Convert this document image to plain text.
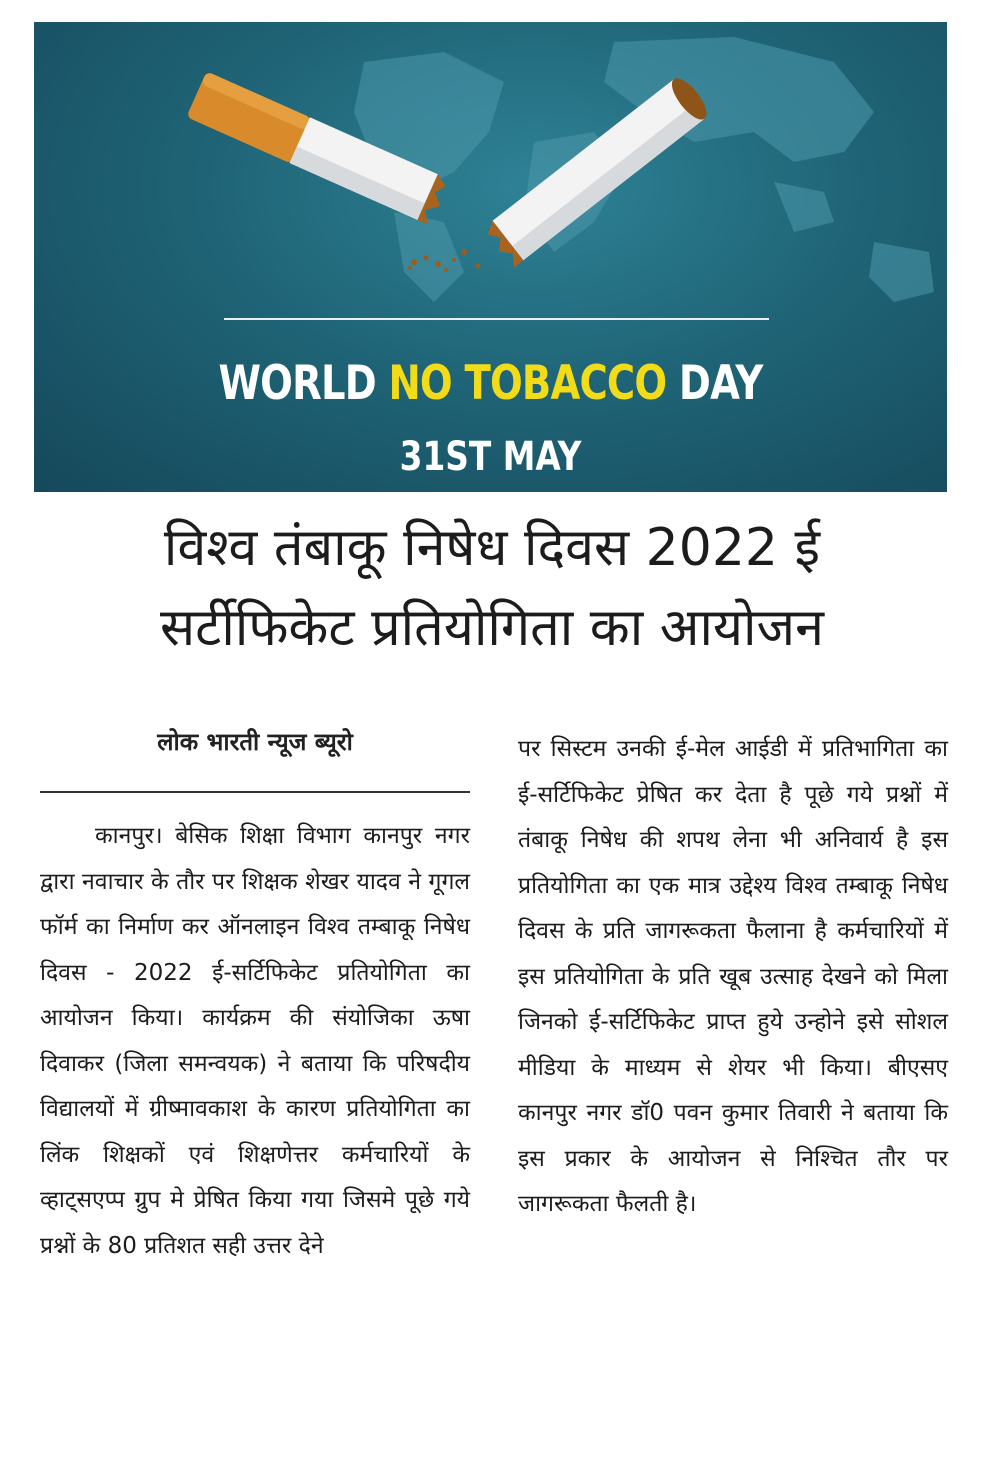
WORLD NO TOBACCO DAY
31ST MAY
विश्व तंबाकू निषेध दिवस 2022 ई
सर्टीफिकेट प्रतियोगिता का आयोजन
लोक भारती न्यूज ब्यूरो
कानपुर। बेसिक शिक्षा विभाग कानपुर नगर द्वारा नवाचार के तौर पर शिक्षक शेखर यादव ने गूगल फॉर्म का निर्माण कर ऑनलाइन विश्व तम्बाकू निषेध दिवस - 2022 ई-सर्टिफिकेट प्रतियोगिता का आयोजन किया। कार्यक्रम की संयोजिका ऊषा दिवाकर (जिला समन्वयक) ने बताया कि परिषदीय विद्यालयों में ग्रीष्मावकाश के कारण प्रतियोगिता का लिंक शिक्षकों एवं शिक्षणेत्तर कर्मचारियों के व्हाट्सएप्प ग्रुप मे प्रेषित किया गया जिसमे पूछे गये प्रश्नों के 80 प्रतिशत सही उत्तर देने
पर सिस्टम उनकी ई-मेल आईडी में प्रतिभागिता का ई-सर्टिफिकेट प्रेषित कर देता है पूछे गये प्रश्नों में तंबाकू निषेध की शपथ लेना भी अनिवार्य है इस प्रतियोगिता का एक मात्र उद्देश्य विश्व तम्बाकू निषेध दिवस के प्रति जागरूकता फैलाना है कर्मचारियों में इस प्रतियोगिता के प्रति खूब उत्साह देखने को मिला जिनको ई-सर्टिफिकेट प्राप्त हुये उन्होने इसे सोशल मीडिया के माध्यम से शेयर भी किया। बीएसए कानपुर नगर डॉ0 पवन कुमार तिवारी ने बताया कि इस प्रकार के आयोजन से निश्चित तौर पर जागरूकता फैलती है।
